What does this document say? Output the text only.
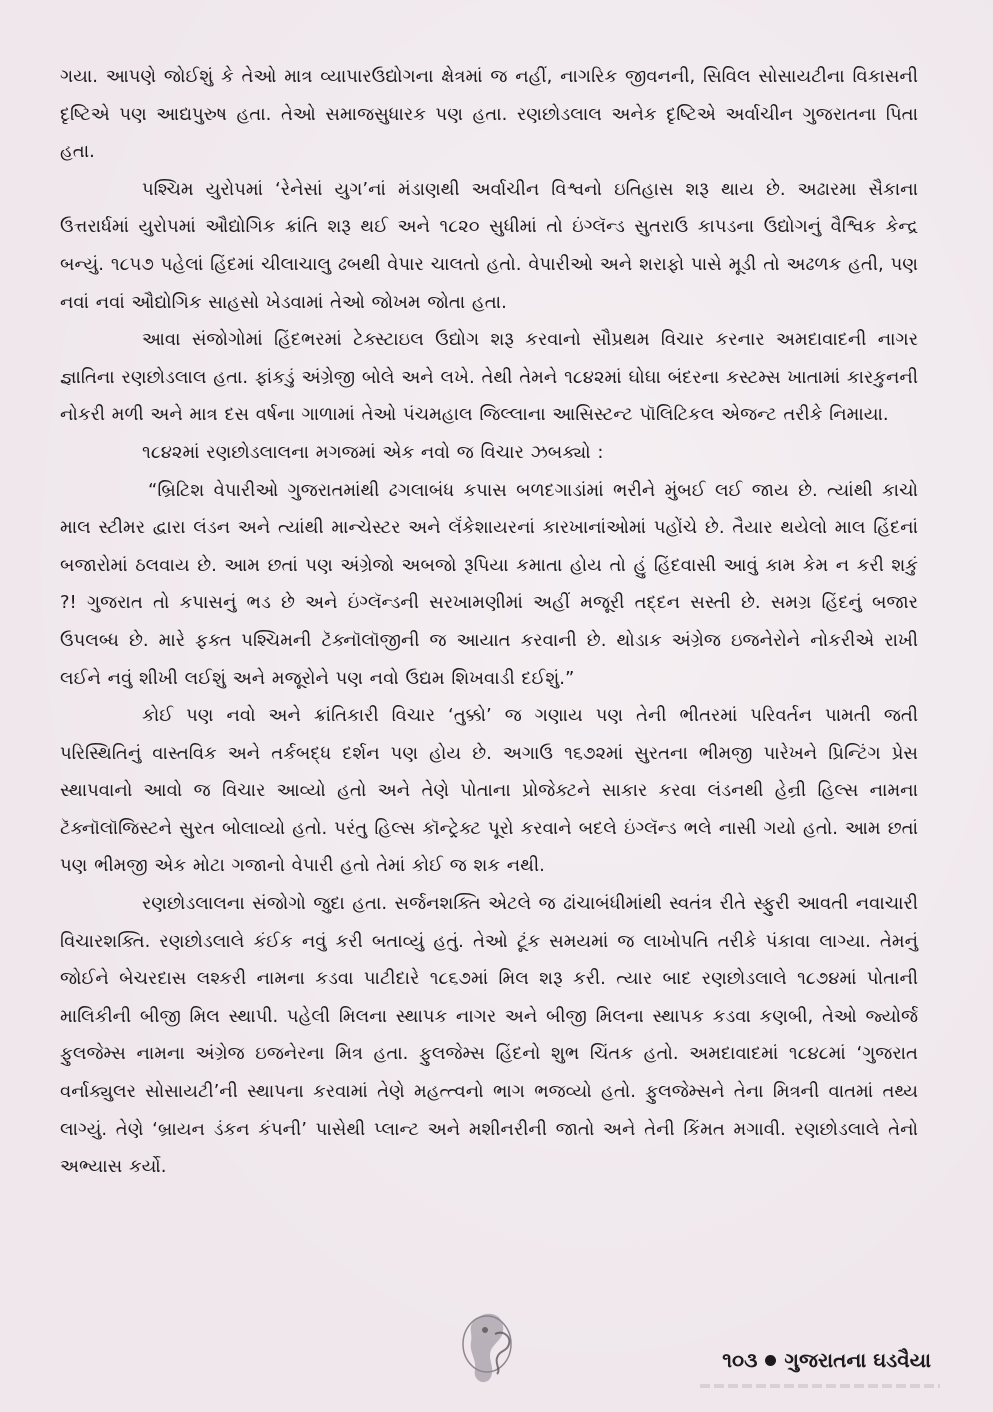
ગયા. આપણે જોઈશું કે તેઓ માત્ર વ્યાપારઉદ્યોગના ક્ષેત્રમાં જ નહીં, નાગરિક જીવનની, સિવિલ સોસાયટીના વિકાસની દૃષ્ટિએ પણ આદ્યપુરુષ હતા. તેઓ સમાજસુધારક પણ હતા. રણછોડલાલ અનેક દૃષ્ટિએ અર્વાચીન ગુજરાતના પિતા હતા.

પશ્ચિમ યુરોપમાં ‘રેનેસાં યુગ’નાં મંડાણથી અર્વાચીન વિશ્વનો ઇતિહાસ શરૂ થાય છે. અઢારમા સૈકાના ઉત્તરાર્ધમાં યુરોપમાં ઔદ્યોગિક ક્રાંતિ શરૂ થઈ અને ૧૮૨૦ સુધીમાં તો ઇંગ્લૅન્ડ સુતરાઉ કાપડના ઉદ્યોગનું વૈશ્વિક કેન્દ્ર બન્યું. ૧૮૫૭ પહેલાં હિંદમાં ચીલાચાલુ ઢબથી વેપાર ચાલતો હતો. વેપારીઓ અને શરાફો પાસે મૂડી તો અઢળક હતી, પણ નવાં નવાં ઔદ્યોગિક સાહસો ખેડવામાં તેઓ જોખમ જોતા હતા.

આવા સંજોગોમાં હિંદભરમાં ટેક્સ્ટાઇલ ઉદ્યોગ શરૂ કરવાનો સૌપ્રથમ વિચાર કરનાર અમદાવાદની નાગર જ્ઞાતિના રણછોડલાલ હતા. ફાંકડું અંગ્રેજી બોલે અને લખે. તેથી તેમને ૧૮૪૨માં ઘોઘા બંદરના કસ્ટમ્સ ખાતામાં કારકુનની નોકરી મળી અને માત્ર દસ વર્ષના ગાળામાં તેઓ પંચમહાલ જિલ્લાના આસિસ્ટન્ટ પૉલિટિકલ એજન્ટ તરીકે નિમાયા.

૧૮૪૨માં રણછોડલાલના મગજમાં એક નવો જ વિચાર ઝબક્યો :

“બ્રિટિશ વેપારીઓ ગુજરાતમાંથી ઢગલાબંધ કપાસ બળદગાડાંમાં ભરીને મુંબઈ લઈ જાય છે. ત્યાંથી કાચો માલ સ્ટીમર દ્વારા લંડન અને ત્યાંથી માન્ચેસ્ટર અને લૅંકેશાયરનાં કારખાનાંઓમાં પહોંચે છે. તૈયાર થયેલો માલ હિંદનાં બજારોમાં ઠલવાય છે. આમ છતાં પણ અંગ્રેજો અબજો રૂપિયા કમાતા હોય તો હું હિંદવાસી આવું કામ કેમ ન કરી શકું ?! ગુજરાત તો કપાસનું ભડ છે અને ઇંગ્લૅન્ડની સરખામણીમાં અહીં મજૂરી તદ્દન સસ્તી છે. સમગ્ર હિંદનું બજાર ઉપલબ્ધ છે. મારે ફક્ત પશ્ચિમની ટૅક્નૉલૉજીની જ આયાત કરવાની છે. થોડાક અંગ્રેજ ઇજનેરોને નોકરીએ રાખી લઈને નવું શીખી લઈશું અને મજૂરોને પણ નવો ઉદ્યમ શિખવાડી દઈશું.”

કોઈ પણ નવો અને ક્રાંતિકારી વિચાર ‘તુક્કો’ જ ગણાય પણ તેની ભીતરમાં પરિવર્તન પામતી જતી પરિસ્થિતિનું વાસ્તવિક અને તર્કબદ્ધ દર્શન પણ હોય છે. અગાઉ ૧૬૭૨માં સુરતના ભીમજી પારેખને પ્રિન્ટિંગ પ્રેસ સ્થાપવાનો આવો જ વિચાર આવ્યો હતો અને તેણે પોતાના પ્રોજેક્ટને સાકાર કરવા લંડનથી હેન્રી હિલ્સ નામના ટૅક્નૉલૉજિસ્ટને સુરત બોલાવ્યો હતો. પરંતુ હિલ્સ કૉન્ટ્રેક્ટ પૂરો કરવાને બદલે ઇંગ્લૅન્ડ ભલે નાસી ગયો હતો. આમ છતાં પણ ભીમજી એક મોટા ગજાનો વેપારી હતો તેમાં કોઈ જ શક નથી.

રણછોડલાલના સંજોગો જુદા હતા. સર્જનશક્તિ એટલે જ ઢાંચાબંધીમાંથી સ્વતંત્ર રીતે સ્ફુરી આવતી નવાચારી વિચારશક્તિ. રણછોડલાલે કંઈક નવું કરી બતાવ્યું હતું. તેઓ ટૂંક સમયમાં જ લાખોપતિ તરીકે પંકાવા લાગ્યા. તેમનું જોઈને બેચરદાસ લશ્કરી નામના કડવા પાટીદારે ૧૮૬૭માં મિલ શરૂ કરી. ત્યાર બાદ રણછોડલાલે ૧૮૭૪માં પોતાની માલિકીની બીજી મિલ સ્થાપી. પહેલી મિલના સ્થાપક નાગર અને બીજી મિલના સ્થાપક કડવા કણબી, તેઓ જ્યોર્જ ફુલજેમ્સ નામના અંગ્રેજ ઇજનેરના મિત્ર હતા. ફુલજેમ્સ હિંદનો શુભ ચિંતક હતો. અમદાવાદમાં ૧૮૪૮માં ‘ગુજરાત વર્નાક્યુલર સોસાયટી’ની સ્થાપના કરવામાં તેણે મહત્ત્વનો ભાગ ભજવ્યો હતો. ફુલજેમ્સને તેના મિત્રની વાતમાં તથ્ય લાગ્યું. તેણે ‘બ્રાયન ડંકન કંપની’ પાસેથી પ્લાન્ટ અને મશીનરીની જાતો અને તેની કિંમત મગાવી. રણછોડલાલે તેનો અભ્યાસ કર્યો.

૧૦૩ ગુજરાતના ઘડવૈયા
